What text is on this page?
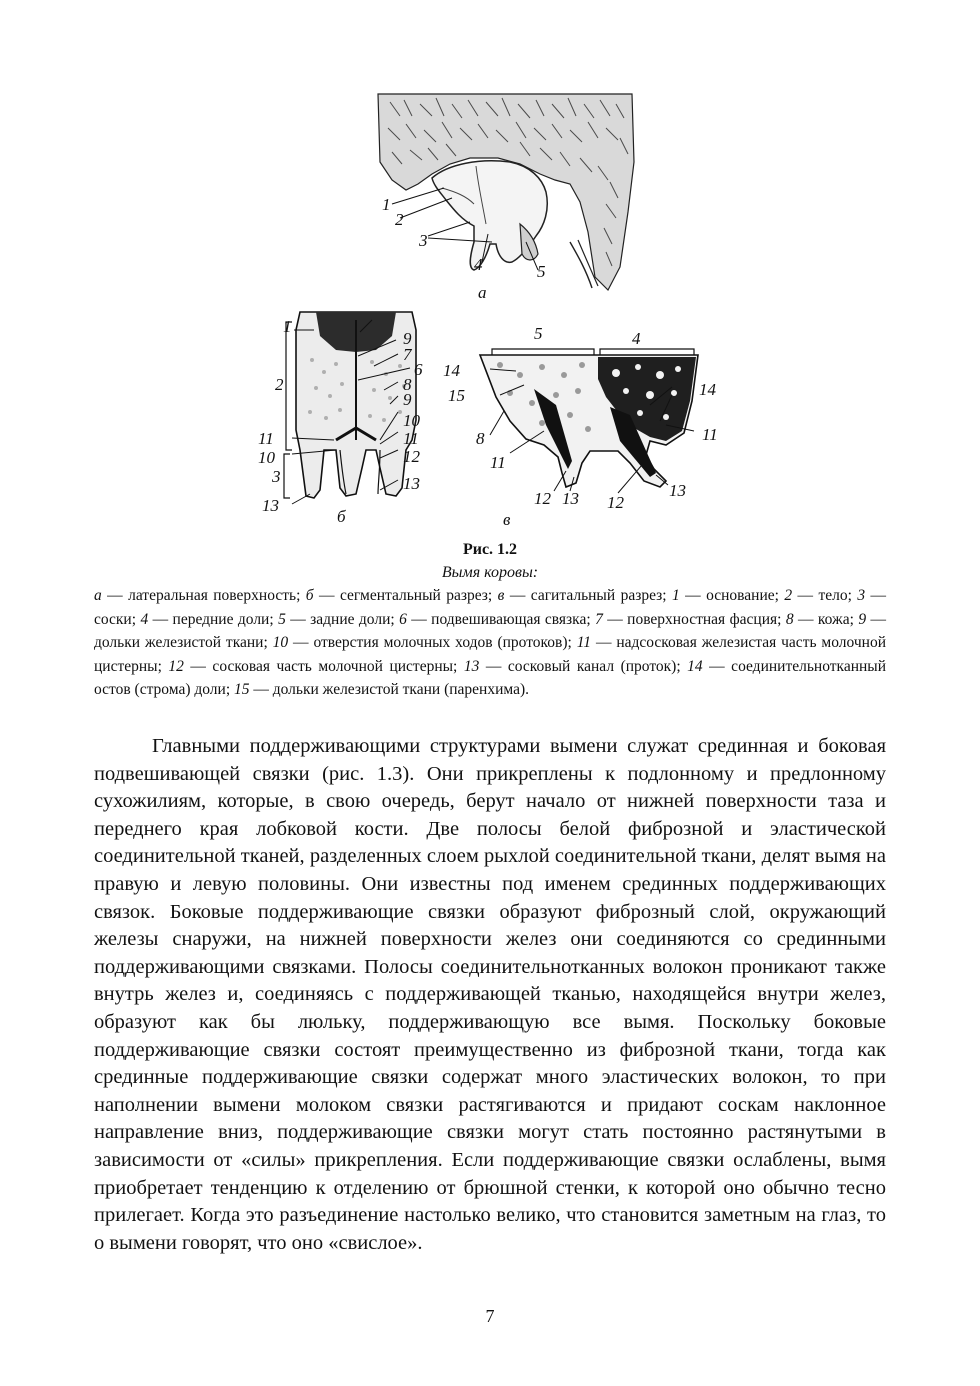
1
2
3
4	5
а
1
2
3
9
7
6
8
9
10
11
10
11
12
13
13
б
5	4
14
15	14
8
11
11
12 13 12
13
в
Рис. 1.2
Вымя коровы:
а — латеральная поверхность; б — сегментальный разрез; в — сагитальный разрез; 1 — основание; 2 — тело; 3 — соски; 4 — передние доли; 5 — задние доли; 6 — подвешивающая связка; 7 — поверхностная фасция; 8 — кожа; 9 — дольки железистой ткани; 10 — отверстия молочных ходов (протоков); 11 — надсосковая железистая часть молочной цистерны; 12 — сосковая часть молочной цистерны; 13 — сосковый канал (проток); 14 — соединительнотканный остов (строма) доли; 15 — дольки железистой ткани (паренхима).

Главными поддерживающими структурами вымени служат срединная и боковая подвешивающей связки (рис. 1.3). Они прикреплены к подлонному и предлонному сухожилиям, которые, в свою очередь, берут начало от нижней поверхности таза и переднего края лобковой кости. Две полосы белой фиброзной и эластической соединительной тканей, разделенных слоем рыхлой соединительной ткани, делят вымя на правую и левую половины. Они известны под именем срединных поддерживающих связок. Боковые поддерживающие связки образуют фиброзный слой, окружающий железы снаружи, на нижней поверхности желез они соединяются со срединными поддерживающими связками. Полосы соединительнотканных волокон проникают также внутрь желез и, соединяясь с поддерживающей тканью, находящейся внутри желез, образуют как бы люльку, поддерживающую все вымя. Поскольку боковые поддерживающие связки состоят преимущественно из фиброзной ткани, тогда как срединные поддерживающие связки содержат много эластических волокон, то при наполнении вымени молоком связки растягиваются и придают соскам наклонное направление вниз, поддерживающие связки могут стать постоянно растянутыми в зависимости от «силы» прикрепления. Если поддерживающие связки ослаблены, вымя приобретает тенденцию к отделению от брюшной стенки, к которой оно обычно тесно прилегает. Когда это разъединение настолько велико, что становится заметным на глаз, то о вымени говорят, что оно «свислое».

7
